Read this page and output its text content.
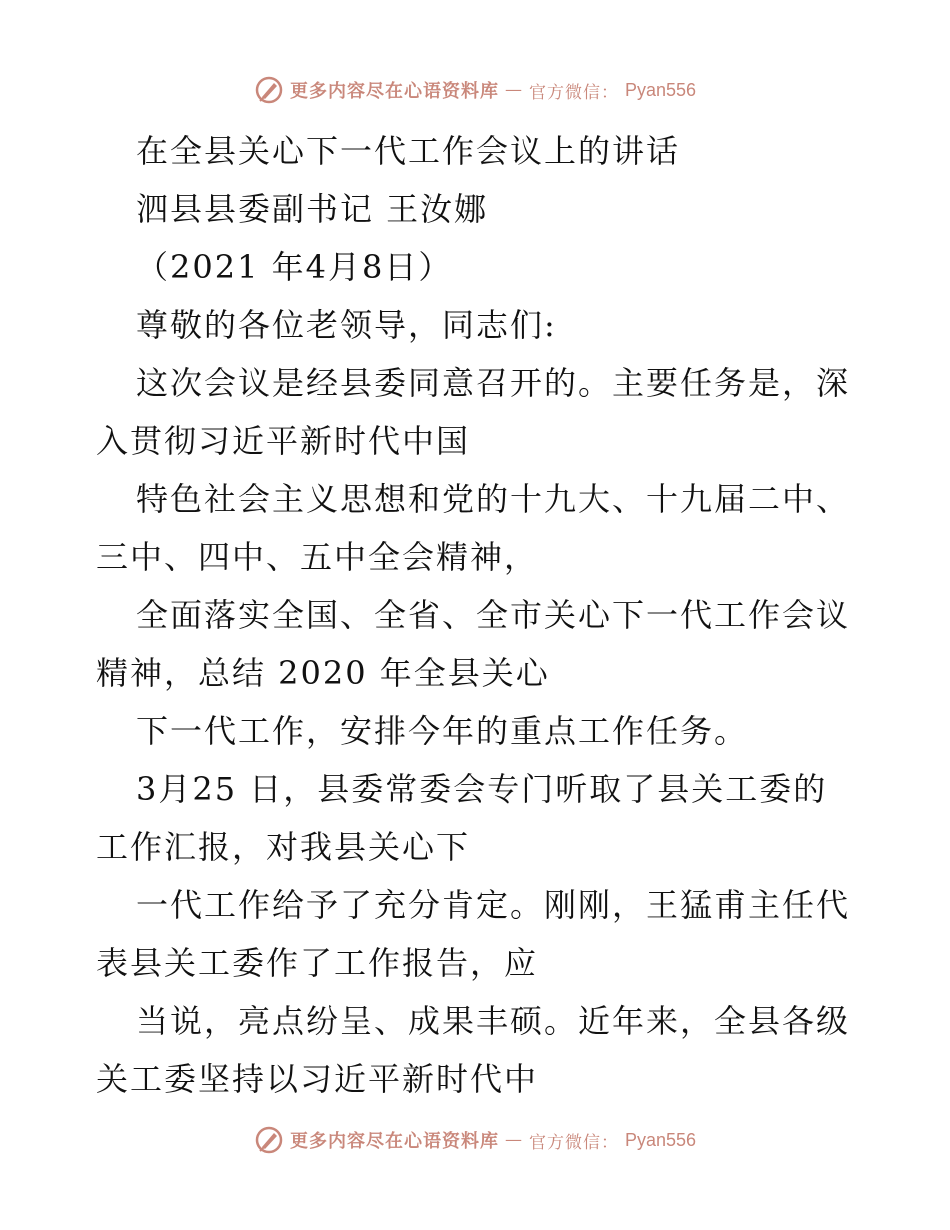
更多内容尽在心语资料库 — 官方微信： Pyan556
在全县关心下一代工作会议上的讲话
泗县县委副书记 王汝娜
（2021 年4月8日）
尊敬的各位老领导，同志们:
这次会议是经县委同意召开的。主要任务是，深
入贯彻习近平新时代中国
特色社会主义思想和党的十九大、十九届二中、
三中、四中、五中全会精神，
全面落实全国、全省、全市关心下一代工作会议
精神，总结 2020 年全县关心
下一代工作，安排今年的重点工作任务。
3月25 日，县委常委会专门听取了县关工委的
工作汇报，对我县关心下
一代工作给予了充分肯定。刚刚，王猛甫主任代
表县关工委作了工作报告，应
当说，亮点纷呈、成果丰硕。近年来，全县各级
关工委坚持以习近平新时代中
更多内容尽在心语资料库 — 官方微信： Pyan556
